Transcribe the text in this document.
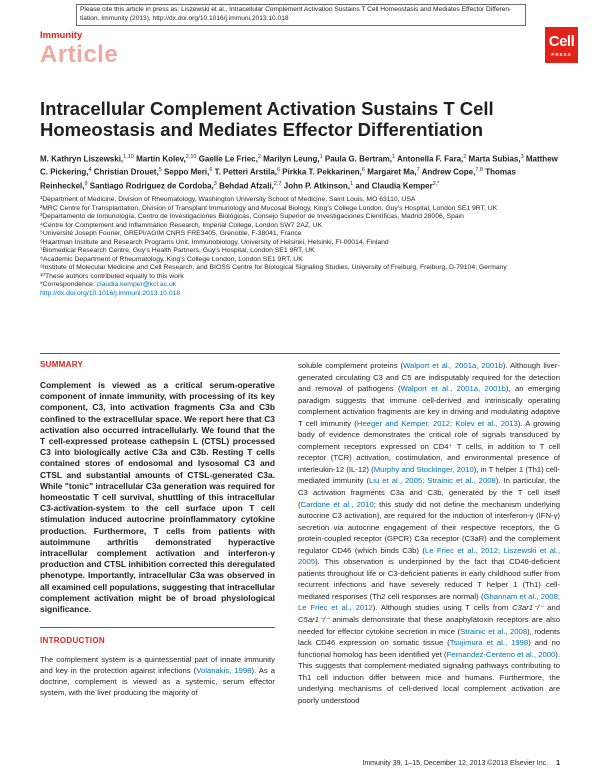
Please cite this article in press as: Liszewski et al., Intracellular Complement Activation Sustains T Cell Homeostasis and Mediates Effector Differen-
tiation, Immunity (2013), http://dx.doi.org/10.1016/j.immuni.2013.10.018
Immunity
Article	Cell
PRESS
Intracellular Complement Activation Sustains T Cell Homeostasis and Mediates Effector Differentiation
M. Kathryn Liszewski,$^{1,10}$ Martin Kolev,$^{2,10}$ Gaelle Le Friec,$^2$ Marilyn Leung,$^1$ Paula G. Bertram,$^1$ Antonella F. Fara,$^2$ Marta Subias,$^3$ Matthew C. Pickering,$^4$ Christian Drouet,$^5$ Seppo Meri,$^6$ T. Petteri Arstila,$^6$ Pirkka T. Pekkarinen,$^6$ Margaret Ma,$^7$ Andrew Cope,$^{7,8}$ Thomas Reinheckel,$^9$ Santiago Rodriguez de Cordoba,$^3$ Behdad Afzali,$^{2,7}$ John P. Atkinson,$^1$ and Claudia Kemper$^{2,*}$
¹Department of Medicine, Division of Rheumatology, Washington University School of Medicine, Saint Louis, MO 63110, USA
²MRC Centre for Transplantation, Division of Transplant Immunology and Mucosal Biology, King's College London, Guy's Hospital, London SE1 9RT, UK
³Departamento de Inmunología, Centro de Investigaciones Biológicas, Consejo Superior de Investigaciones Científicas, Madrid 28006, Spain
⁴Centre for Complement and Inflammation Research, Imperial College, London SW7 2AZ, UK
⁵Université Joseph Fourier, GREPI/AGIM CNRS FRE3405, Grenoble, F-38041, France
⁶Haartman Institute and Research Programs Unit, Immunobiology, University of Helsinki, Helsinki, FI-00014, Finland
⁷Biomedical Research Centre, Guy's Health Partners, Guy's Hospital, London SE1 9RT, UK
⁸Academic Department of Rheumatology, King's College London, London SE1 9RT, UK
⁹Institute of Molecular Medicine and Cell Research, and BIOSS Centre for Biological Signaling Studies, University of Freiburg, Freiburg, D-79104, Germany
¹⁰These authors contributed equally to this work
*Correspondence: claudia.kemper@kcl.ac.uk
http://dx.doi.org/10.1016/j.immuni.2013.10.018
SUMMARY

Complement is viewed as a critical serum-operative component of innate immunity, with processing of its key component, C3, into activation fragments C3a and C3b confined to the extracellular space. We report here that C3 activation also occurred intracellularly. We found that the T cell-expressed protease cathepsin L (CTSL) processed C3 into biologically active C3a and C3b. Resting T cells contained stores of endosomal and lysosomal C3 and CTSL and substantial amounts of CTSL-generated C3a. While "tonic" intracellular C3a generation was required for homeostatic T cell survival, shuttling of this intracellular C3-activation-system to the cell surface upon T cell stimulation induced autocrine proinflammatory cytokine production. Furthermore, T cells from patients with autoimmune arthritis demonstrated hyperactive intracellular complement activation and interferon-γ production and CTSL inhibition corrected this deregulated phenotype. Importantly, intracellular C3a was observed in all examined cell populations, suggesting that intracellular complement activation might be of broad physiological significance.

INTRODUCTION

The complement system is a quintessential part of innate immunity and key in the protection against infections (Volanakis, 1998). As a doctrine, complement is viewed as a systemic, serum effector system, with the liver producing the majority of

soluble complement proteins (Walport et al., 2001a, 2001b). Although liver-generated circulating C3 and C5 are indisputably required for the detection and removal of pathogens (Walport et al., 2001a, 2001b), an emerging paradigm suggests that immune cell-derived and intrinsically operating complement activation fragments are key in driving and modulating adaptive T cell immunity (Heeger and Kemper, 2012; Kolev et al., 2013). A growing body of evidence demonstrates the critical role of signals transduced by complement receptors expressed on CD4⁺ T cells, in addition to T cell receptor (TCR) activation, costimulation, and environmental presence of interleukin-12 (IL-12) (Murphy and Stockinger, 2010), in T helper 1 (Th1) cell-mediated immunity (Liu et al., 2005; Strainic et al., 2008). In particular, the C3 activation fragments C3a and C3b, generated by the T cell itself (Cardone et al., 2010; this study did not define the mechanism underlying autocrine C3 activation), are required for the induction of interferon-γ (IFN-γ) secretion via autocrine engagement of their respective receptors, the G protein-coupled receptor (GPCR) C3a receptor (C3aR) and the complement regulator CD46 (which binds C3b) (Le Friec et al., 2012; Liszewski et al., 2005). This observation is underpinned by the fact that CD46-deficient patients throughout life or C3-deficient patients in early childhood suffer from recurrent infections and have severely reduced T helper 1 (Th1) cell-mediated responses (Th2 cell responses are normal) (Ghannam et al., 2008; Le Friec et al., 2012). Although studies using T cells from C3ar1⁻/⁻ and C5ar1⁻/⁻ animals demonstrate that these anaphylatoxin receptors are also needed for effector cytokine secretion in mice (Strainic et al., 2008), rodents lack CD46 expression on somatic tissue (Tsujimura et al., 1998) and no functional homolog has been identified yet (Fernandez-Centeno et al., 2000). This suggests that complement-mediated signaling pathways contributing to Th1 cell induction differ between mice and humans. Furthermore, the underlying mechanisms of cell-derived local complement activation are poorly understood

Immunity 39, 1–15, December 12, 2013 ©2013 Elsevier Inc. 1
